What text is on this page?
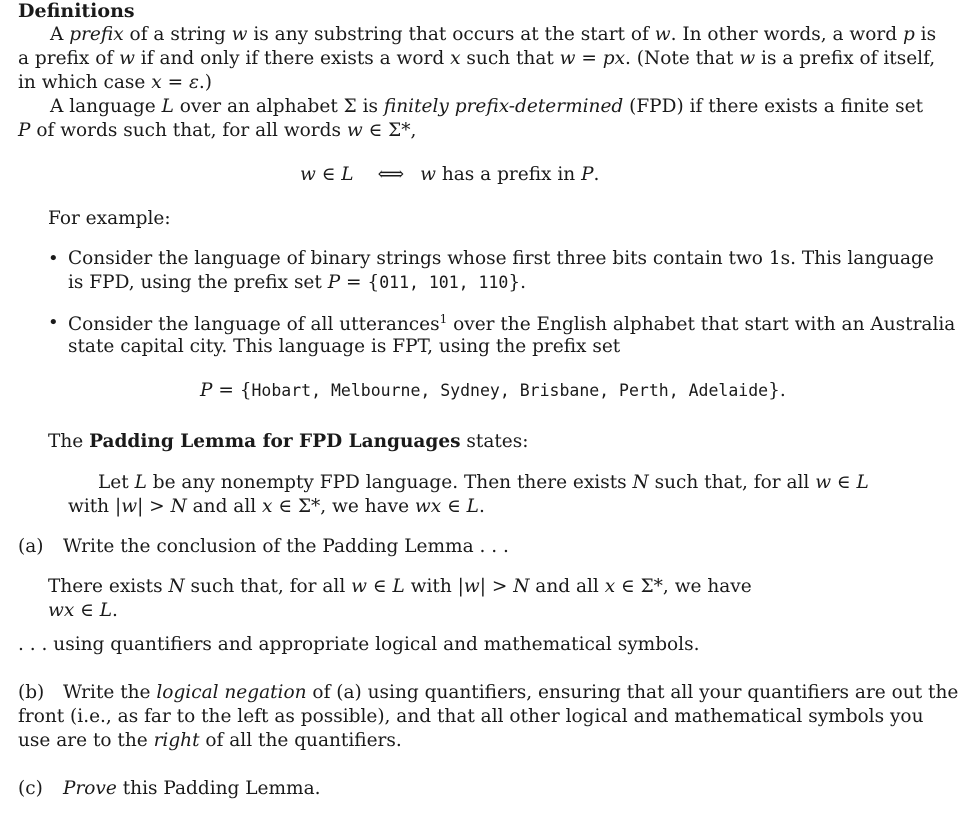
Definitions
A prefix of a string w is any substring that occurs at the start of w. In other words, a word p is
a prefix of w if and only if there exists a word x such that w = px. (Note that w is a prefix of itself,
in which case x = ε.)
A language L over an alphabet Σ is finitely prefix-determined (FPD) if there exists a finite set
P of words such that, for all words w ∈ Σ*,
w ∈ L ⟺ w has a prefix in P.
For example:
• Consider the language of binary strings whose first three bits contain two 1s. This language
is FPD, using the prefix set P = {011, 101, 110}.
• Consider the language of all utterances$^1$ over the English alphabet that start with an Australia
state capital city. This language is FPT, using the prefix set
P = {Hobart, Melbourne, Sydney, Brisbane, Perth, Adelaide}.
The Padding Lemma for FPD Languages states:
Let L be any nonempty FPD language. Then there exists N such that, for all w ∈ L
with |w| > N and all x ∈ Σ*, we have wx ∈ L.
(a) Write the conclusion of the Padding Lemma . . .
There exists N such that, for all w ∈ L with |w| > N and all x ∈ Σ*, we have
wx ∈ L.
. . . using quantifiers and appropriate logical and mathematical symbols.
(b) Write the logical negation of (a) using quantifiers, ensuring that all your quantifiers are out the
front (i.e., as far to the left as possible), and that all other logical and mathematical symbols you
use are to the right of all the quantifiers.
(c) Prove this Padding Lemma.
